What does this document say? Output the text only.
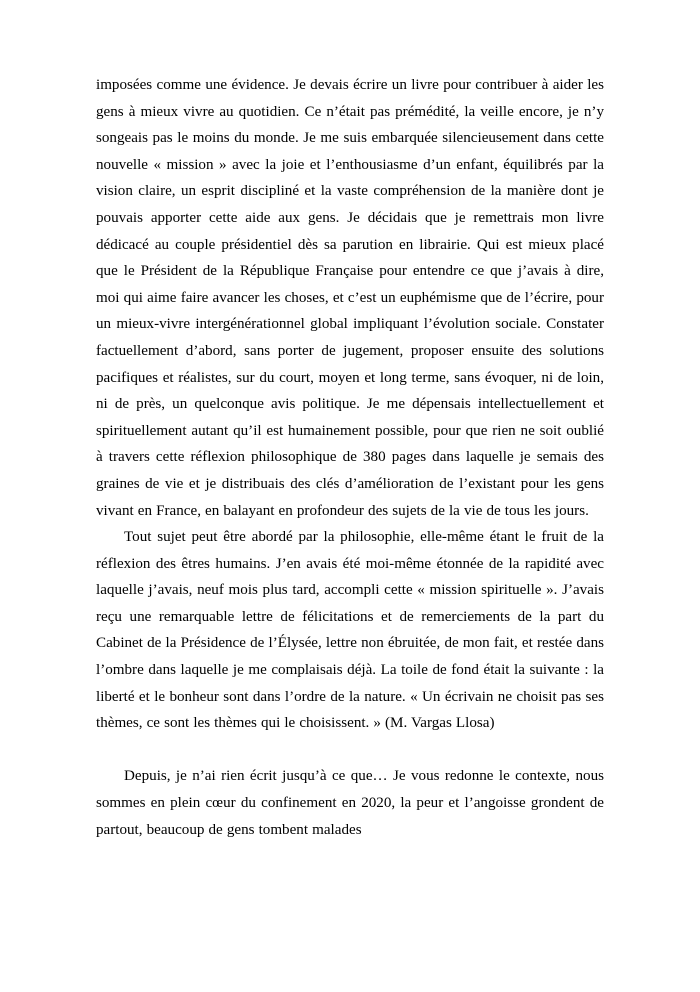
imposées comme une évidence. Je devais écrire un livre pour contribuer à aider les gens à mieux vivre au quotidien. Ce n’était pas prémédité, la veille encore, je n’y songeais pas le moins du monde. Je me suis embarquée silencieusement dans cette nouvelle « mission » avec la joie et l’enthousiasme d’un enfant, équilibrés par la vision claire, un esprit discipliné et la vaste compréhension de la manière dont je pouvais apporter cette aide aux gens. Je décidais que je remettrais mon livre dédicacé au couple présidentiel dès sa parution en librairie. Qui est mieux placé que le Président de la République Française pour entendre ce que j’avais à dire, moi qui aime faire avancer les choses, et c’est un euphémisme que de l’écrire, pour un mieux-vivre intergénérationnel global impliquant l’évolution sociale. Constater factuellement d’abord, sans porter de jugement, proposer ensuite des solutions pacifiques et réalistes, sur du court, moyen et long terme, sans évoquer, ni de loin, ni de près, un quelconque avis politique. Je me dépensais intellectuellement et spirituellement autant qu’il est humainement possible, pour que rien ne soit oublié à travers cette réflexion philosophique de 380 pages dans laquelle je semais des graines de vie et je distribuais des clés d’amélioration de l’existant pour les gens vivant en France, en balayant en profondeur des sujets de la vie de tous les jours.

Tout sujet peut être abordé par la philosophie, elle-même étant le fruit de la réflexion des êtres humains. J’en avais été moi-même étonnée de la rapidité avec laquelle j’avais, neuf mois plus tard, accompli cette « mission spirituelle ». J’avais reçu une remarquable lettre de félicitations et de remerciements de la part du Cabinet de la Présidence de l’Élysée, lettre non ébruitée, de mon fait, et restée dans l’ombre dans laquelle je me complaisais déjà. La toile de fond était la suivante : la liberté et le bonheur sont dans l’ordre de la nature. « Un écrivain ne choisit pas ses thèmes, ce sont les thèmes qui le choisissent. » (M. Vargas Llosa)

Depuis, je n’ai rien écrit jusqu’à ce que… Je vous redonne le contexte, nous sommes en plein cœur du confinement en 2020, la peur et l’angoisse grondent de partout, beaucoup de gens tombent malades
